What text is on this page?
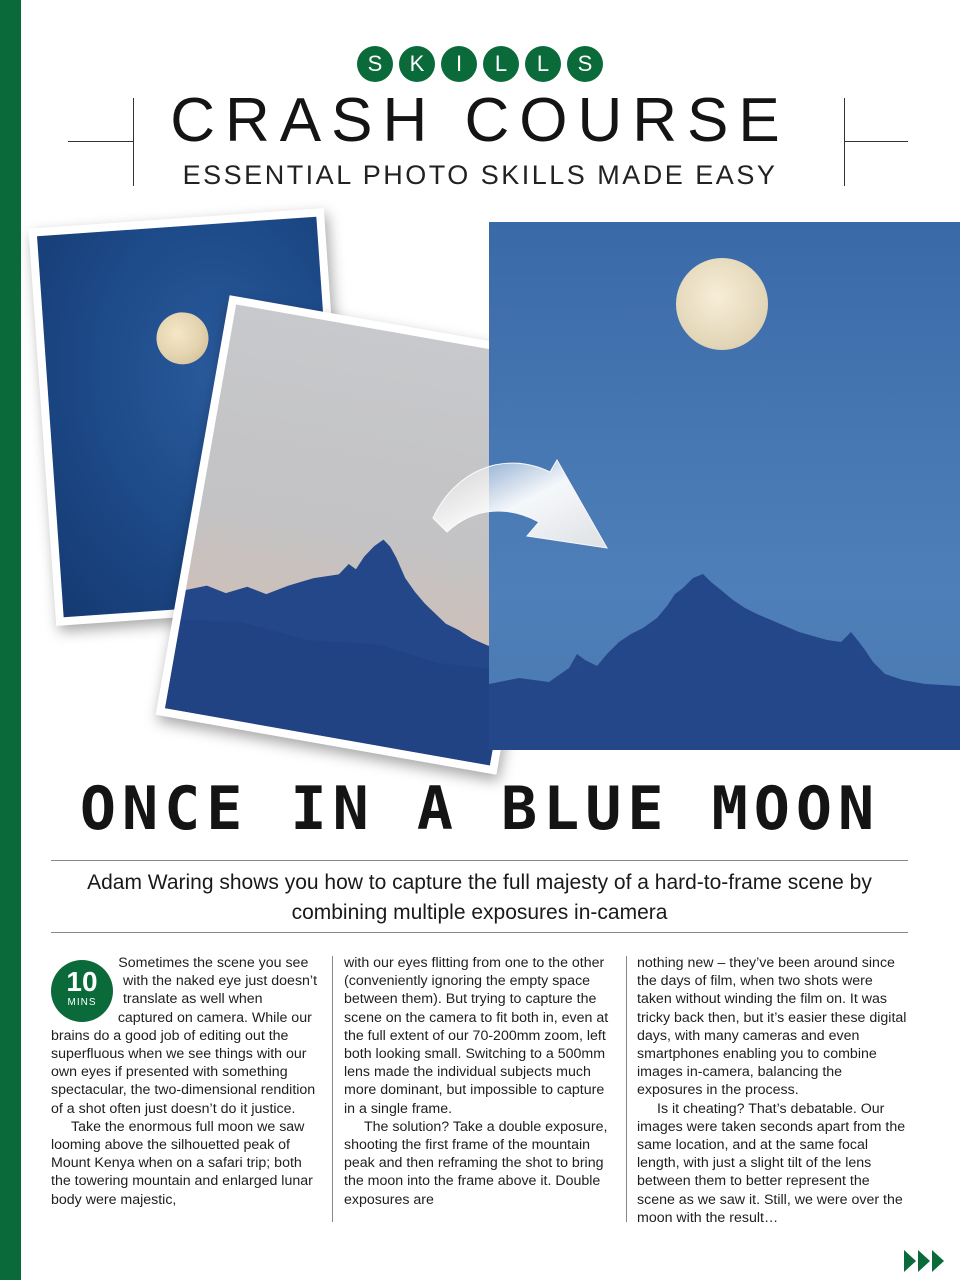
S	K	I	L	L	S
CRASH COURSE
ESSENTIAL PHOTO SKILLS MADE EASY
ONCE IN A BLUE MOON
Adam Waring shows you how to capture the full majesty of a hard-to-frame scene by combining multiple exposures in-camera
10
MINS

Sometimes the scene you see with the naked eye just doesn’t translate as well when captured on camera. While our brains do a good job of editing out the superfluous when we see things with our own eyes if presented with something spectacular, the two-dimensional rendition of a shot often just doesn’t do it justice.

Take the enormous full moon we saw looming above the silhouetted peak of Mount Kenya when on a safari trip; both the towering mountain and enlarged lunar body were majestic,

with our eyes flitting from one to the other (conveniently ignoring the empty space between them). But trying to capture the scene on the camera to fit both in, even at the full extent of our 70-200mm zoom, left both looking small. Switching to a 500mm lens made the individual subjects much more dominant, but impossible to capture in a single frame.

The solution? Take a double exposure, shooting the first frame of the mountain peak and then reframing the shot to bring the moon into the frame above it. Double exposures are

nothing new – they’ve been around since the days of film, when two shots were taken without winding the film on. It was tricky back then, but it’s easier these digital days, with many cameras and even smartphones enabling you to combine images in-camera, balancing the exposures in the process.

Is it cheating? That’s debatable. Our images were taken seconds apart from the same location, and at the same focal length, with just a slight tilt of the lens between them to better represent the scene as we saw it. Still, we were over the moon with the result…
